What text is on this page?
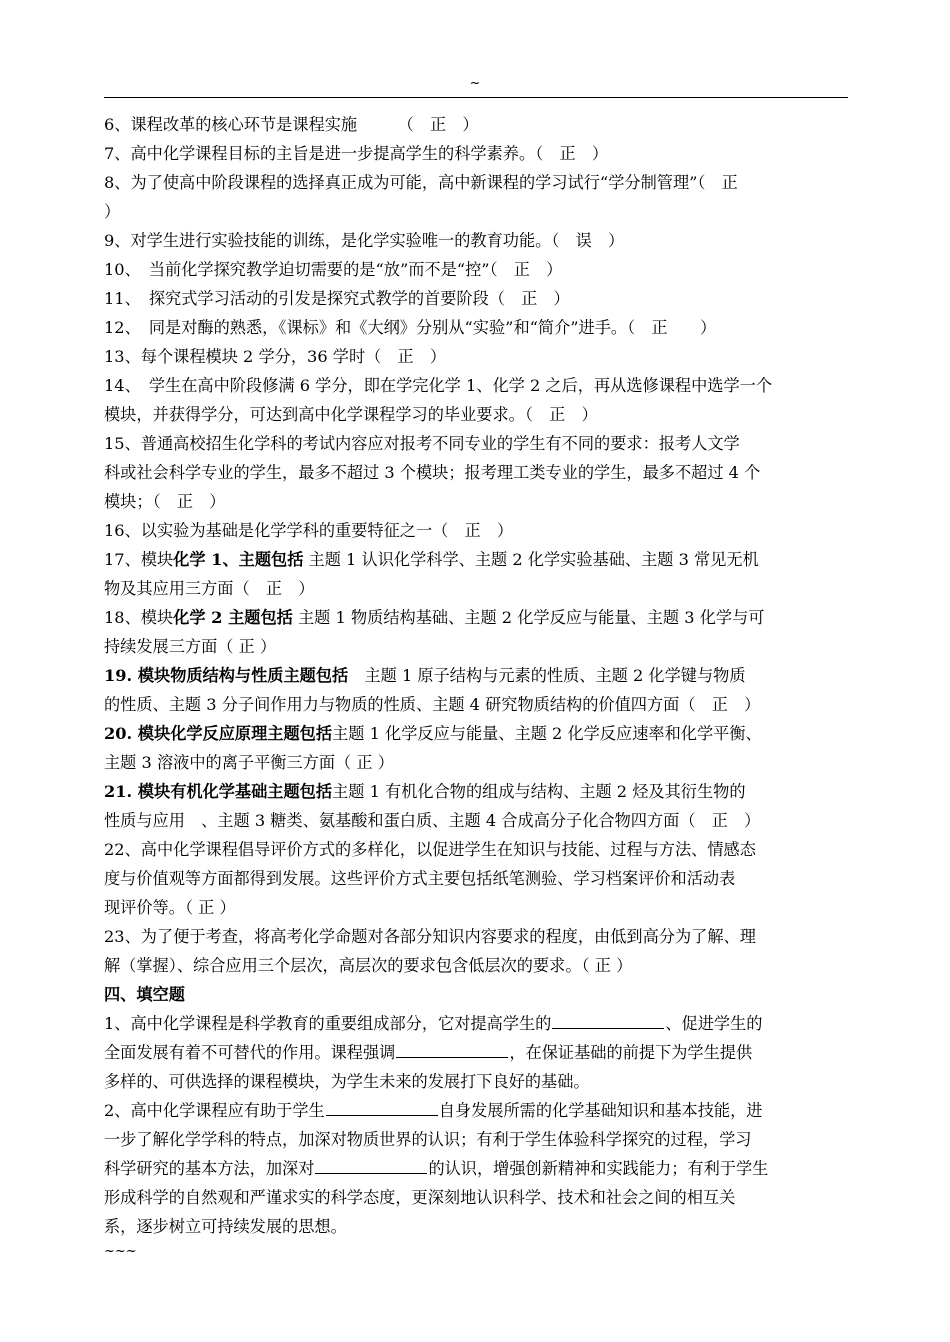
~
6、课程改革的核心环节是课程实施　　　（　正　）
7、高中化学课程目标的主旨是进一步提高学生的科学素养。（　正　）
8、为了使高中阶段课程的选择真正成为可能，高中新课程的学习试行“学分制管理”（　正
）
9、对学生进行实验技能的训练，是化学实验唯一的教育功能。（　误　）
10、　当前化学探究教学迫切需要的是“放”而不是“控”（　正　）
11、　探究式学习活动的引发是探究式教学的首要阶段（　正　）
12、　同是对酶的熟悉，《课标》和《大纲》分别从“实验”和“简介”进手。（　正　　）
13、每个课程模块 2 学分，36 学时（　正　）
14、　学生在高中阶段修满 6 学分，即在学完化学 1、化学 2 之后，再从选修课程中选学一个
模块，并获得学分，可达到高中化学课程学习的毕业要求。（　正　）
15、普通高校招生化学科的考试内容应对报考不同专业的学生有不同的要求：报考人文学
科或社会科学专业的学生，最多不超过 3 个模块；报考理工类专业的学生，最多不超过 4 个
模块；（　正　）
16、以实验为基础是化学学科的重要特征之一（　正　）
17、模块化学 1、主题包括 主题 1 认识化学科学、主题 2 化学实验基础、主题 3 常见无机
物及其应用三方面（　正　）
18、模块化学 2 主题包括 主题 1 物质结构基础、主题 2 化学反应与能量、主题 3 化学与可
持续发展三方面（ 正 ）
19. 模块物质结构与性质主题包括　主题 1 原子结构与元素的性质、主题 2 化学键与物质
的性质、主题 3 分子间作用力与物质的性质、主题 4 研究物质结构的价值四方面（　正　）
20. 模块化学反应原理主题包括主题 1 化学反应与能量、主题 2 化学反应速率和化学平衡、
主题 3 溶液中的离子平衡三方面（ 正 ）
21. 模块有机化学基础主题包括主题 1 有机化合物的组成与结构、主题 2 烃及其衍生物的
性质与应用　、主题 3 糖类、氨基酸和蛋白质、主题 4 合成高分子化合物四方面（　正　）
22、高中化学课程倡导评价方式的多样化，以促进学生在知识与技能、过程与方法、情感态
度与价值观等方面都得到发展。这些评价方式主要包括纸笔测验、学习档案评价和活动表
现评价等。（ 正 ）
23、为了便于考查，将高考化学命题对各部分知识内容要求的程度，由低到高分为了解、理
解（掌握）、综合应用三个层次，高层次的要求包含低层次的要求。（ 正 ）
四、填空题
1、高中化学课程是科学教育的重要组成部分，它对提高学生的	、促进学生的
全面发展有着不可替代的作用。课程强调	，在保证基础的前提下为学生提供
多样的、可供选择的课程模块，为学生未来的发展打下良好的基础。
2、高中化学课程应有助于学生	自身发展所需的化学基础知识和基本技能，进
一步了解化学学科的特点，加深对物质世界的认识；有利于学生体验科学探究的过程，学习
科学研究的基本方法，加深对	的认识，增强创新精神和实践能力；有利于学生
形成科学的自然观和严谨求实的科学态度，更深刻地认识科学、技术和社会之间的相互关
系，逐步树立可持续发展的思想。
~~~
